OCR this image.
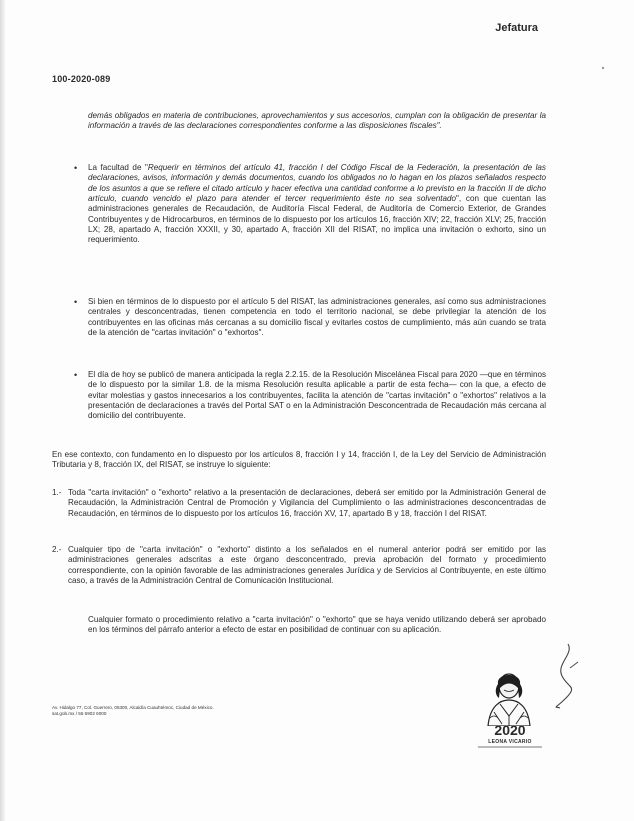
Jefatura
100-2020-089

demás obligados en materia de contribuciones, aprovechamientos y sus accesorios, cumplan con la obligación de presentar la información a través de las declaraciones correspondientes conforme a las disposiciones fiscales".

• La facultad de "Requerir en términos del artículo 41, fracción I del Código Fiscal de la Federación, la presentación de las declaraciones, avisos, información y demás documentos, cuando los obligados no lo hagan en los plazos señalados respecto de los asuntos a que se refiere el citado artículo y hacer efectiva una cantidad conforme a lo previsto en la fracción II de dicho artículo, cuando vencido el plazo para atender el tercer requerimiento éste no sea solventado", con que cuentan las administraciones generales de Recaudación, de Auditoría Fiscal Federal, de Auditoría de Comercio Exterior, de Grandes Contribuyentes y de Hidrocarburos, en términos de lo dispuesto por los artículos 16, fracción XIV; 22, fracción XLV; 25, fracción LX; 28, apartado A, fracción XXXII, y 30, apartado A, fracción XII del RISAT, no implica una invitación o exhorto, sino un requerimiento.

• Si bien en términos de lo dispuesto por el artículo 5 del RISAT, las administraciones generales, así como sus administraciones centrales y desconcentradas, tienen competencia en todo el territorio nacional, se debe privilegiar la atención de los contribuyentes en las oficinas más cercanas a su domicilio fiscal y evitarles costos de cumplimiento, más aún cuando se trata de la atención de "cartas invitación" o "exhortos".

• El día de hoy se publicó de manera anticipada la regla 2.2.15. de la Resolución Miscelánea Fiscal para 2020 —que en términos de lo dispuesto por la similar 1.8. de la misma Resolución resulta aplicable a partir de esta fecha— con la que, a efecto de evitar molestias y gastos innecesarios a los contribuyentes, facilita la atención de "cartas invitación" o "exhortos" relativos a la presentación de declaraciones a través del Portal SAT o en la Administración Desconcentrada de Recaudación más cercana al domicilio del contribuyente.

En ese contexto, con fundamento en lo dispuesto por los artículos 8, fracción I y 14, fracción I, de la Ley del Servicio de Administración Tributaria y 8, fracción IX, del RISAT, se instruye lo siguiente:

1.- Toda "carta invitación" o "exhorto" relativo a la presentación de declaraciones, deberá ser emitido por la Administración General de Recaudación, la Administración Central de Promoción y Vigilancia del Cumplimiento o las administraciones desconcentradas de Recaudación, en términos de lo dispuesto por los artículos 16, fracción XV, 17, apartado B y 18, fracción I del RISAT.

2.- Cualquier tipo de "carta invitación" o "exhorto" distinto a los señalados en el numeral anterior podrá ser emitido por las administraciones generales adscritas a este órgano desconcentrado, previa aprobación del formato y procedimiento correspondiente, con la opinión favorable de las administraciones generales Jurídica y de Servicios al Contribuyente, en este último caso, a través de la Administración Central de Comunicación Institucional.

Cualquier formato o procedimiento relativo a "carta invitación" o "exhorto" que se haya venido utilizando deberá ser aprobado en los términos del párrafo anterior a efecto de estar en posibilidad de continuar con su aplicación.

Av. Hidalgo 77, Col. Guerrero, 06300, Alcaldía Cuauhtémoc, Ciudad de México.
sat.gob.mx / 55 6902 6000
2020
LEONA VICARIO
